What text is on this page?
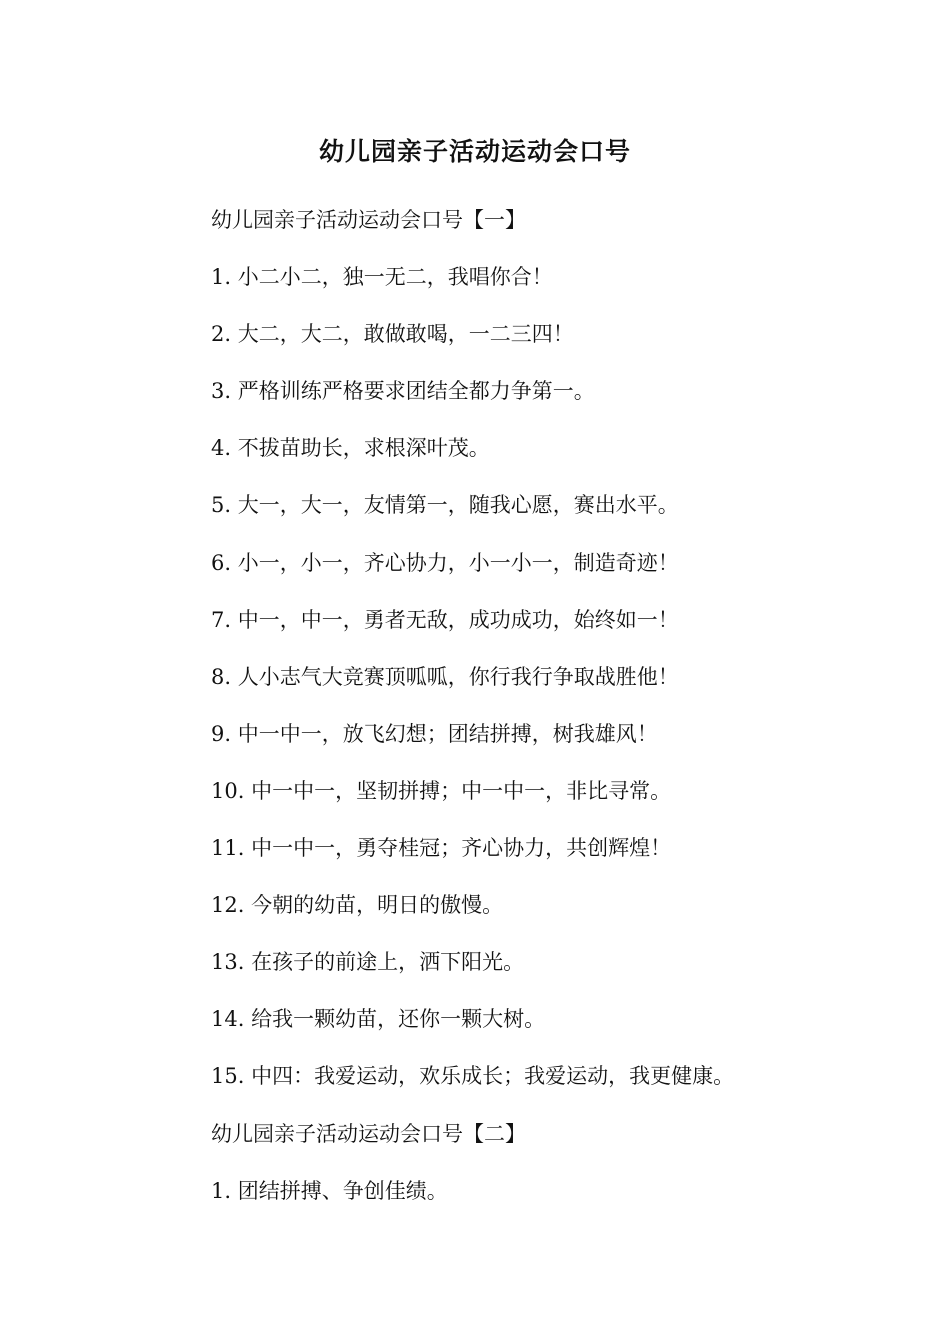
幼儿园亲子活动运动会口号
幼儿园亲子活动运动会口号【一】
1. 小二小二，独一无二，我唱你合！
2. 大二，大二，敢做敢喝，一二三四！
3. 严格训练严格要求团结全都力争第一。
4. 不拔苗助长，求根深叶茂。
5. 大一，大一，友情第一，随我心愿，赛出水平。
6. 小一，小一，齐心协力，小一小一，制造奇迹！
7. 中一，中一，勇者无敌，成功成功，始终如一！
8. 人小志气大竞赛顶呱呱，你行我行争取战胜他！
9. 中一中一，放飞幻想；团结拼搏，树我雄风！
10. 中一中一，坚韧拼搏；中一中一，非比寻常。
11. 中一中一，勇夺桂冠；齐心协力，共创辉煌！
12. 今朝的幼苗，明日的傲慢。
13. 在孩子的前途上，洒下阳光。
14. 给我一颗幼苗，还你一颗大树。
15. 中四：我爱运动，欢乐成长；我爱运动，我更健康。
幼儿园亲子活动运动会口号【二】
1. 团结拼搏、争创佳绩。
